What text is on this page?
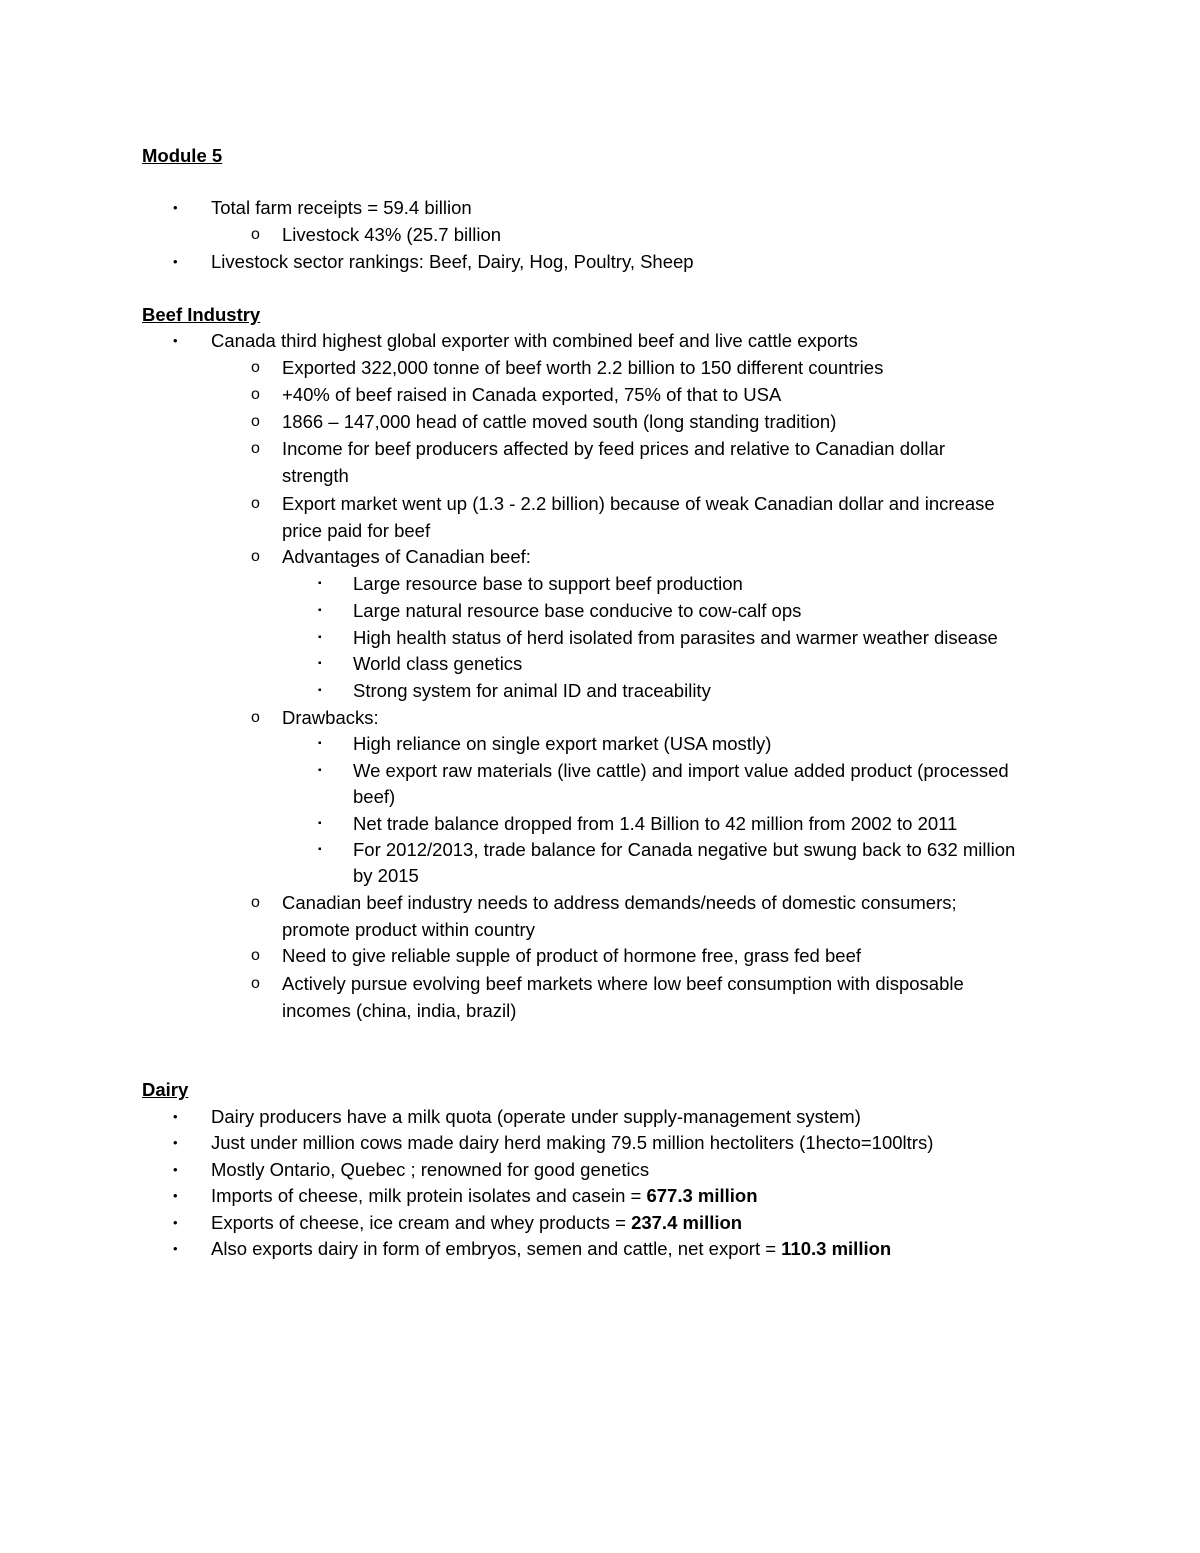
Module 5
• Total farm receipts = 59.4 billion
o Livestock 43% (25.7 billion
• Livestock sector rankings: Beef, Dairy, Hog, Poultry, Sheep
Beef Industry
• Canada third highest global exporter with combined beef and live cattle exports
o Exported 322,000 tonne of beef worth 2.2 billion to 150 different countries
o +40% of beef raised in Canada exported, 75% of that to USA
o 1866 – 147,000 head of cattle moved south (long standing tradition)
o Income for beef producers affected by feed prices and relative to Canadian dollar
strength
o Export market went up (1.3 - 2.2 billion) because of weak Canadian dollar and increase
price paid for beef
o Advantages of Canadian beef:
▪ Large resource base to support beef production
▪ Large natural resource base conducive to cow-calf ops
▪ High health status of herd isolated from parasites and warmer weather disease
▪ World class genetics
▪ Strong system for animal ID and traceability
o Drawbacks:
▪ High reliance on single export market (USA mostly)
▪ We export raw materials (live cattle) and import value added product (processed
beef)
▪ Net trade balance dropped from 1.4 Billion to 42 million from 2002 to 2011
▪ For 2012/2013, trade balance for Canada negative but swung back to 632 million
by 2015
o Canadian beef industry needs to address demands/needs of domestic consumers;
promote product within country
o Need to give reliable supple of product of hormone free, grass fed beef
o Actively pursue evolving beef markets where low beef consumption with disposable
incomes (china, india, brazil)
Dairy
• Dairy producers have a milk quota (operate under supply-management system)
• Just under million cows made dairy herd making 79.5 million hectoliters (1hecto=100ltrs)
• Mostly Ontario, Quebec ; renowned for good genetics
• Imports of cheese, milk protein isolates and casein = 677.3 million
• Exports of cheese, ice cream and whey products = 237.4 million
• Also exports dairy in form of embryos, semen and cattle, net export = 110.3 million
